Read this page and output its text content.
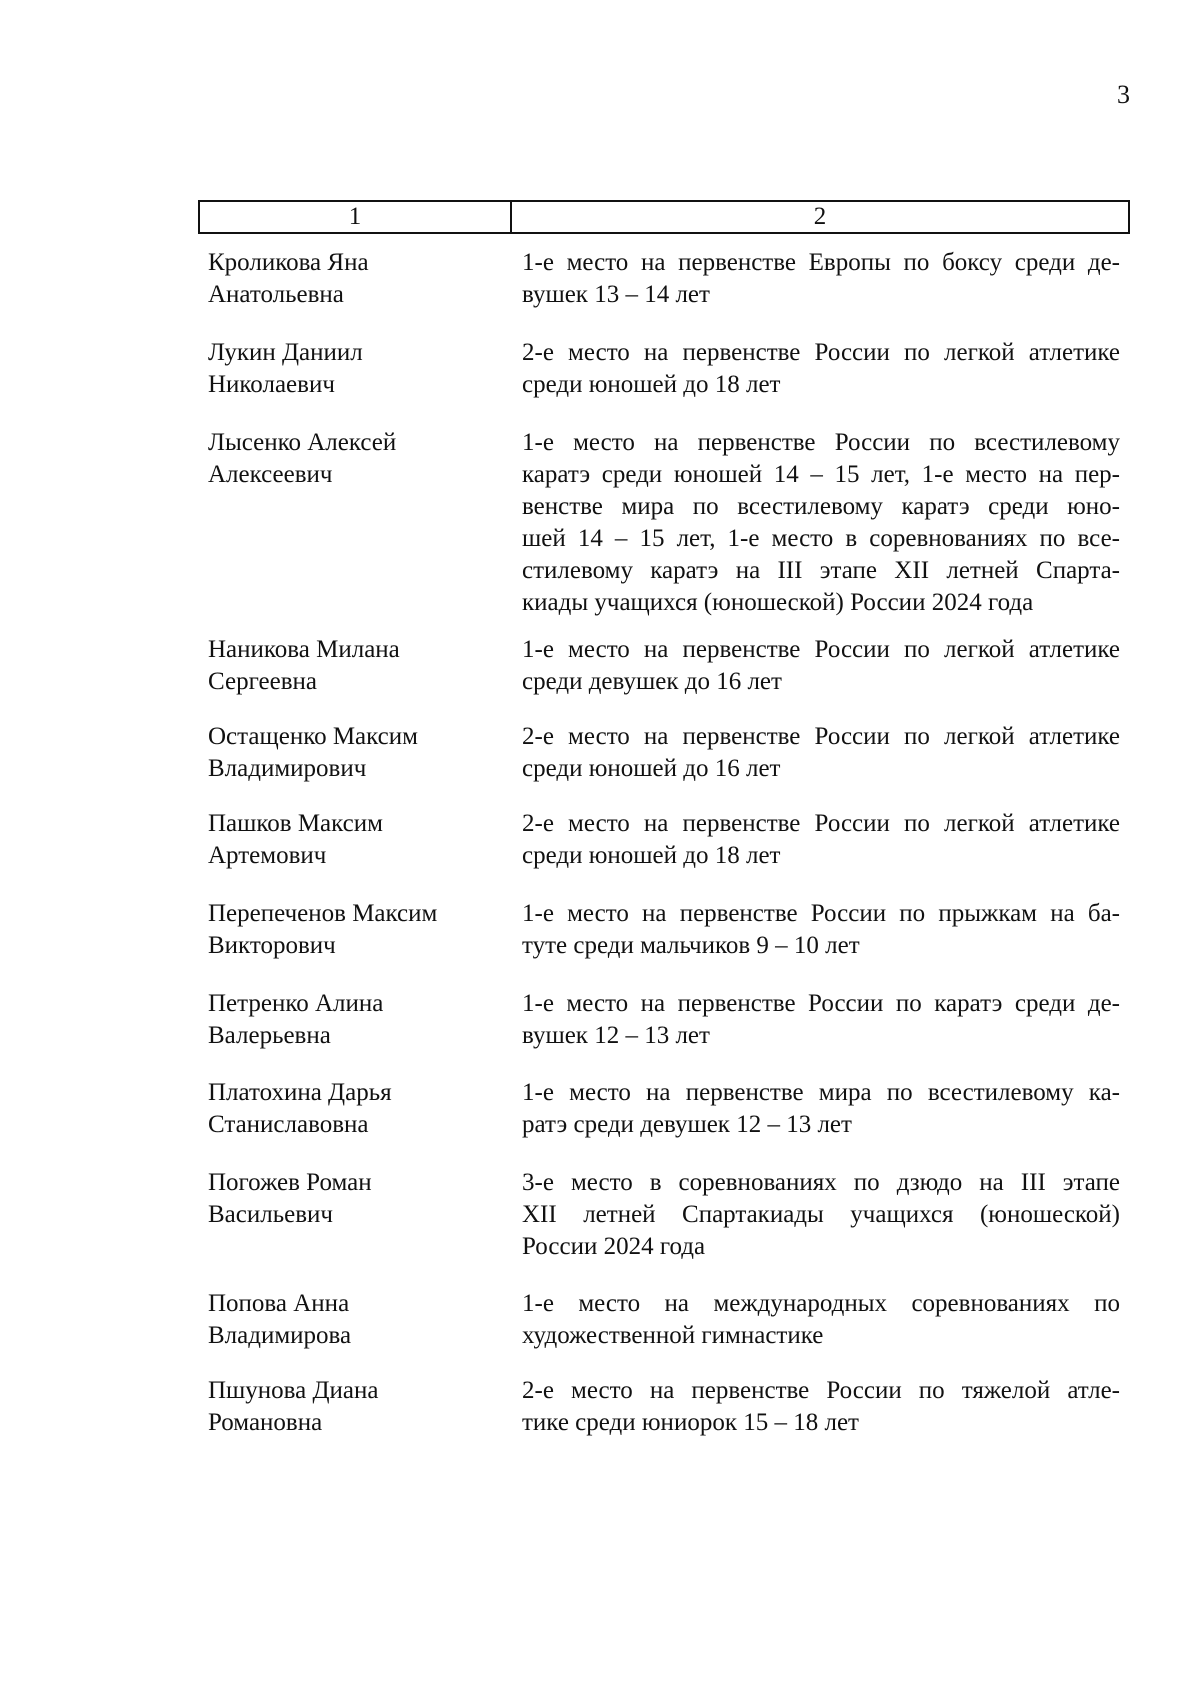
3
1	2
Кроликова Яна
Анатольевна
1-е место на первенстве Европы по боксу среди де-
вушек 13 – 14 лет
Лукин Даниил
Николаевич
2-е место на первенстве России по легкой атлетике
среди юношей до 18 лет
Лысенко Алексей
Алексеевич
1-е место на первенстве России по всестилевому
каратэ среди юношей 14 – 15 лет, 1-е место на пер-
венстве мира по всестилевому каратэ среди юно-
шей 14 – 15 лет, 1-е место в соревнованиях по все-
стилевому каратэ на III этапе XII летней Спарта-
киады учащихся (юношеской) России 2024 года
Наникова Милана
Сергеевна
1-е место на первенстве России по легкой атлетике
среди девушек до 16 лет
Остащенко Максим
Владимирович
2-е место на первенстве России по легкой атлетике
среди юношей до 16 лет
Пашков Максим
Артемович
2-е место на первенстве России по легкой атлетике
среди юношей до 18 лет
Перепеченов Максим
Викторович
1-е место на первенстве России по прыжкам на ба-
туте среди мальчиков 9 – 10 лет
Петренко Алина
Валерьевна
1-е место на первенстве России по каратэ среди де-
вушек 12 – 13 лет
Платохина Дарья
Станиславовна
1-е место на первенстве мира по всестилевому ка-
ратэ среди девушек 12 – 13 лет
Погожев Роман
Васильевич
3-е место в соревнованиях по дзюдо на III этапе
XII летней Спартакиады учащихся (юношеской)
России 2024 года
Попова Анна
Владимирова
1-е место на международных соревнованиях по
художественной гимнастике
Пшунова Диана
Романовна
2-е место на первенстве России по тяжелой атле-
тике среди юниорок 15 – 18 лет
